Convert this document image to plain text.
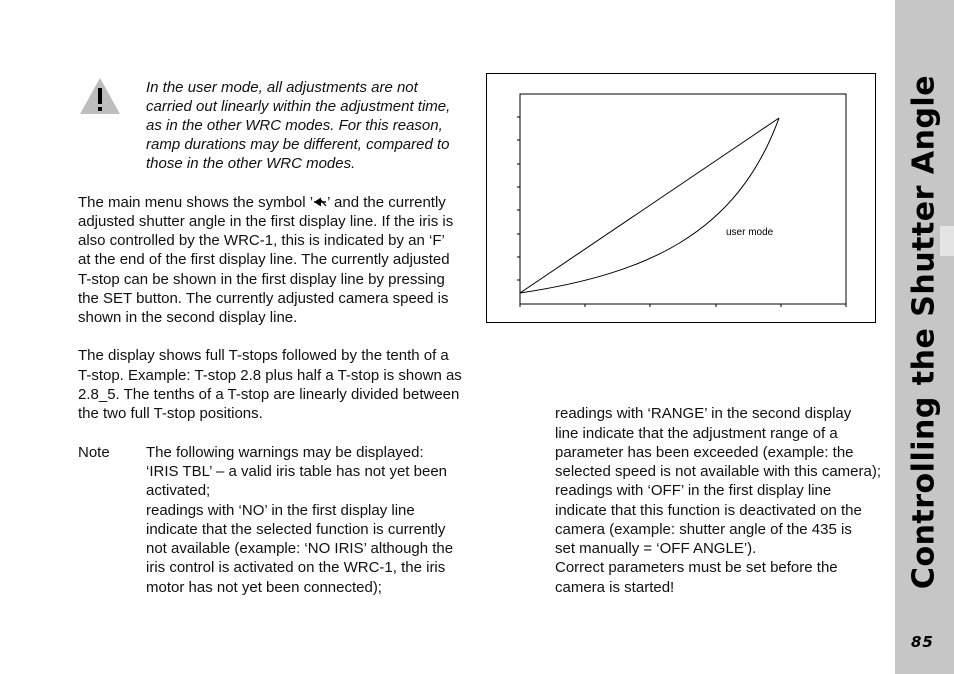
In the user mode, all adjustments are not
carried out linearly within the adjustment time,
as in the other WRC modes. For this reason,
ramp durations may be different, compared to
those in the other WRC modes.
The main menu shows the symbol ’ ’ and the currently
adjusted shutter angle in the first display line. If the iris is
also controlled by the WRC-1, this is indicated by an ‘F’
at the end of the first display line. The currently adjusted
T-stop can be shown in the first display line by pressing
the SET button. The currently adjusted camera speed is
shown in the second display line.
The display shows full T-stops followed by the tenth of a
T-stop. Example: T-stop 2.8 plus half a T-stop is shown as
2.8_5. The tenths of a T-stop are linearly divided between
the two full T-stop positions.
Note The following warnings may be displayed:
‘IRIS TBL’ – a valid iris table has not yet been
activated;
readings with ‘NO’ in the first display line
indicate that the selected function is currently
not available (example: ‘NO IRIS’ although the
iris control is activated on the WRC-1, the iris
motor has not yet been connected);
readings with ‘RANGE’ in the second display
line indicate that the adjustment range of a
parameter has been exceeded (example: the
selected speed is not available with this camera);
readings with ‘OFF’ in the first display line
indicate that this function is deactivated on the
camera (example: shutter angle of the 435 is
set manually = ‘OFF ANGLE’).
Correct parameters must be set before the
camera is started!
user mode	Controlling the Shutter Angle
85
